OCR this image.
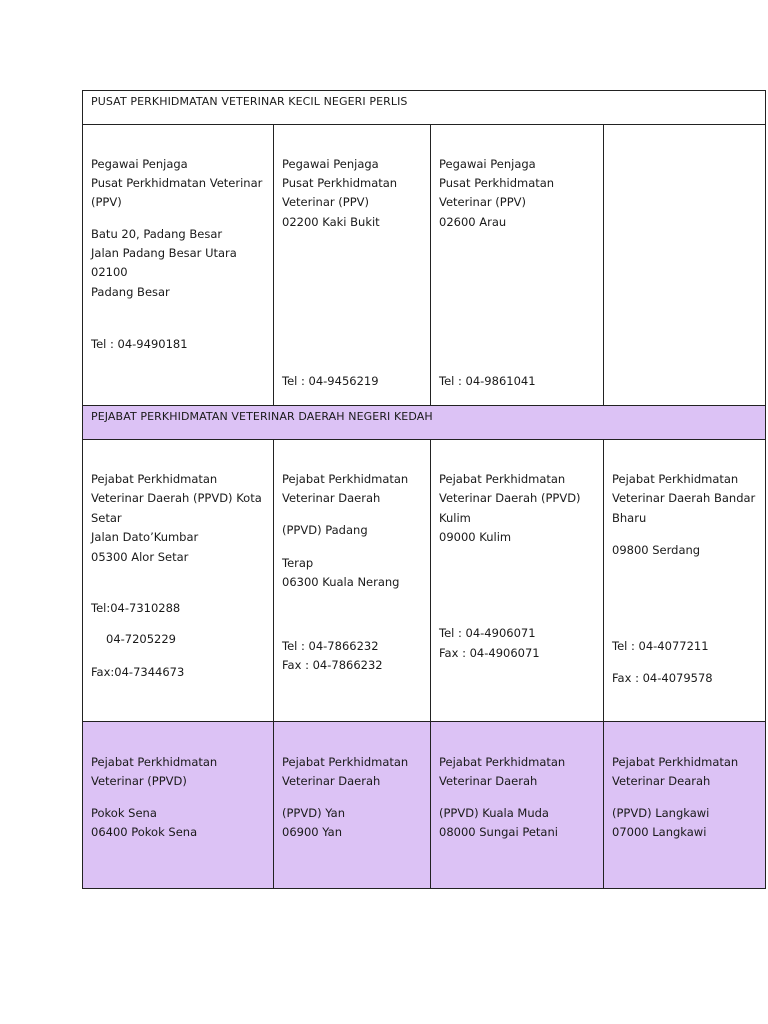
PUSAT PERKHIDMATAN VETERINAR KECIL NEGERI PERLIS
Pegawai Penjaga
Pusat Perkhidmatan Veterinar
(PPV)
Batu 20, Padang Besar
Jalan Padang Besar Utara
02100
Padang Besar
Tel : 04-9490181
Pegawai Penjaga
Pusat Perkhidmatan
Veterinar (PPV)
02200 Kaki Bukit
Tel : 04-9456219
Pegawai Penjaga
Pusat Perkhidmatan
Veterinar (PPV)
02600 Arau
Tel : 04-9861041
PEJABAT PERKHIDMATAN VETERINAR DAERAH NEGERI KEDAH
Pejabat Perkhidmatan
Veterinar Daerah (PPVD) Kota
Setar
Jalan Dato’Kumbar
05300 Alor Setar
Tel:04-7310288
04-7205229
Fax:04-7344673
Pejabat Perkhidmatan
Veterinar Daerah
(PPVD) Padang
Terap
06300 Kuala Nerang
Tel : 04-7866232
Fax : 04-7866232
Pejabat Perkhidmatan
Veterinar Daerah (PPVD)
Kulim
09000 Kulim
Tel : 04-4906071
Fax : 04-4906071
Pejabat Perkhidmatan
Veterinar Daerah Bandar
Bharu
09800 Serdang
Tel : 04-4077211
Fax : 04-4079578
Pejabat Perkhidmatan
Veterinar (PPVD)
Pokok Sena
06400 Pokok Sena
Pejabat Perkhidmatan
Veterinar Daerah
(PPVD) Yan
06900 Yan
Pejabat Perkhidmatan
Veterinar Daerah
(PPVD) Kuala Muda
08000 Sungai Petani
Pejabat Perkhidmatan
Veterinar Dearah
(PPVD) Langkawi
07000 Langkawi
